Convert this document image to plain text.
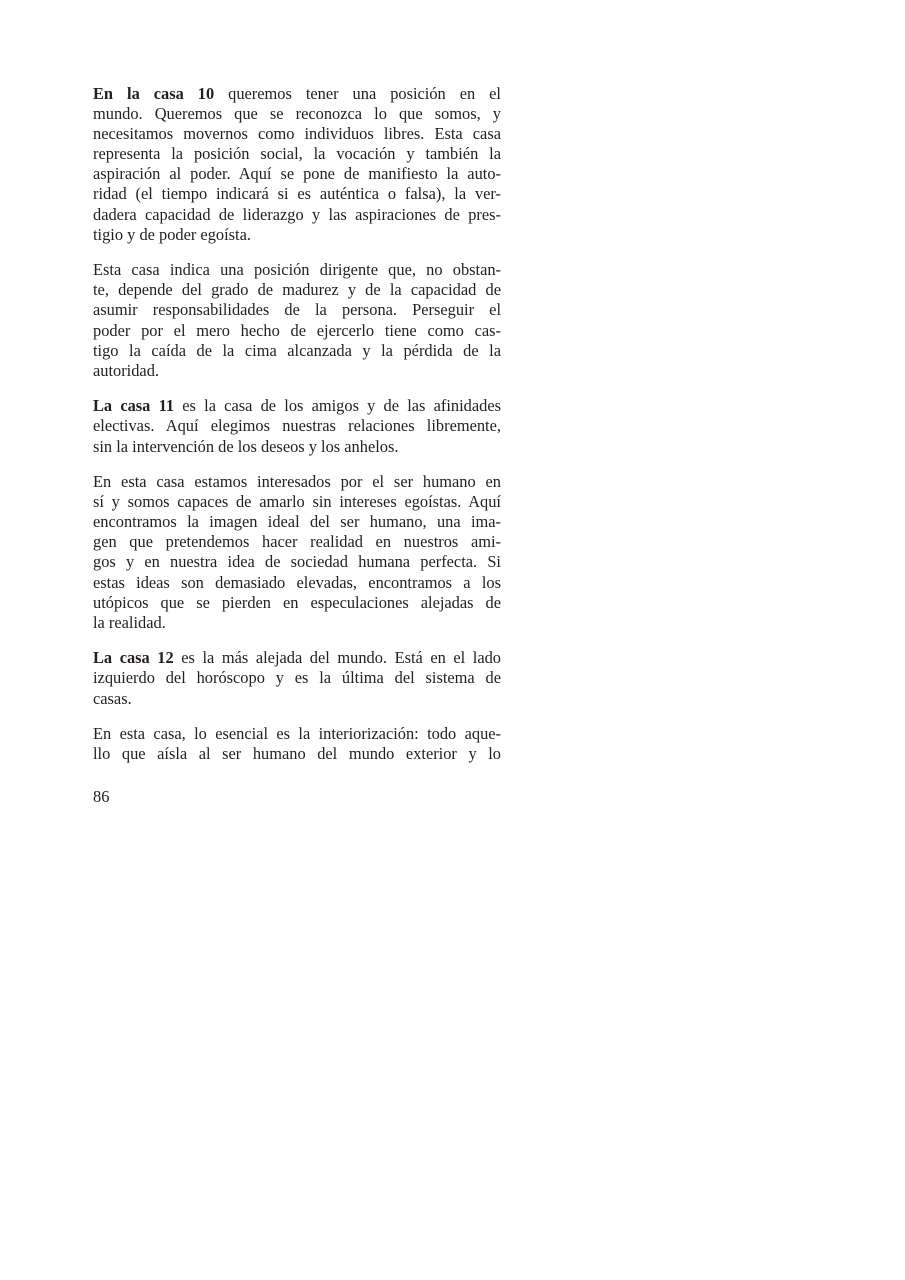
En la casa 10 queremos tener una posición en el
mundo. Queremos que se reconozca lo que somos, y
necesitamos movernos como individuos libres. Esta casa
representa la posición social, la vocación y también la
aspiración al poder. Aquí se pone de manifiesto la auto-
ridad (el tiempo indicará si es auténtica o falsa), la ver-
dadera capacidad de liderazgo y las aspiraciones de pres-
tigio y de poder egoísta.
Esta casa indica una posición dirigente que, no obstan-
te, depende del grado de madurez y de la capacidad de
asumir responsabilidades de la persona. Perseguir el
poder por el mero hecho de ejercerlo tiene como cas-
tigo la caída de la cima alcanzada y la pérdida de la
autoridad.
La casa 11 es la casa de los amigos y de las afinidades
electivas. Aquí elegimos nuestras relaciones libremente,
sin la intervención de los deseos y los anhelos.
En esta casa estamos interesados por el ser humano en
sí y somos capaces de amarlo sin intereses egoístas. Aquí
encontramos la imagen ideal del ser humano, una ima-
gen que pretendemos hacer realidad en nuestros ami-
gos y en nuestra idea de sociedad humana perfecta. Si
estas ideas son demasiado elevadas, encontramos a los
utópicos que se pierden en especulaciones alejadas de
la realidad.
La casa 12 es la más alejada del mundo. Está en el lado
izquierdo del horóscopo y es la última del sistema de
casas.
En esta casa, lo esencial es la interiorización: todo aque-
llo que aísla al ser humano del mundo exterior y lo
86
